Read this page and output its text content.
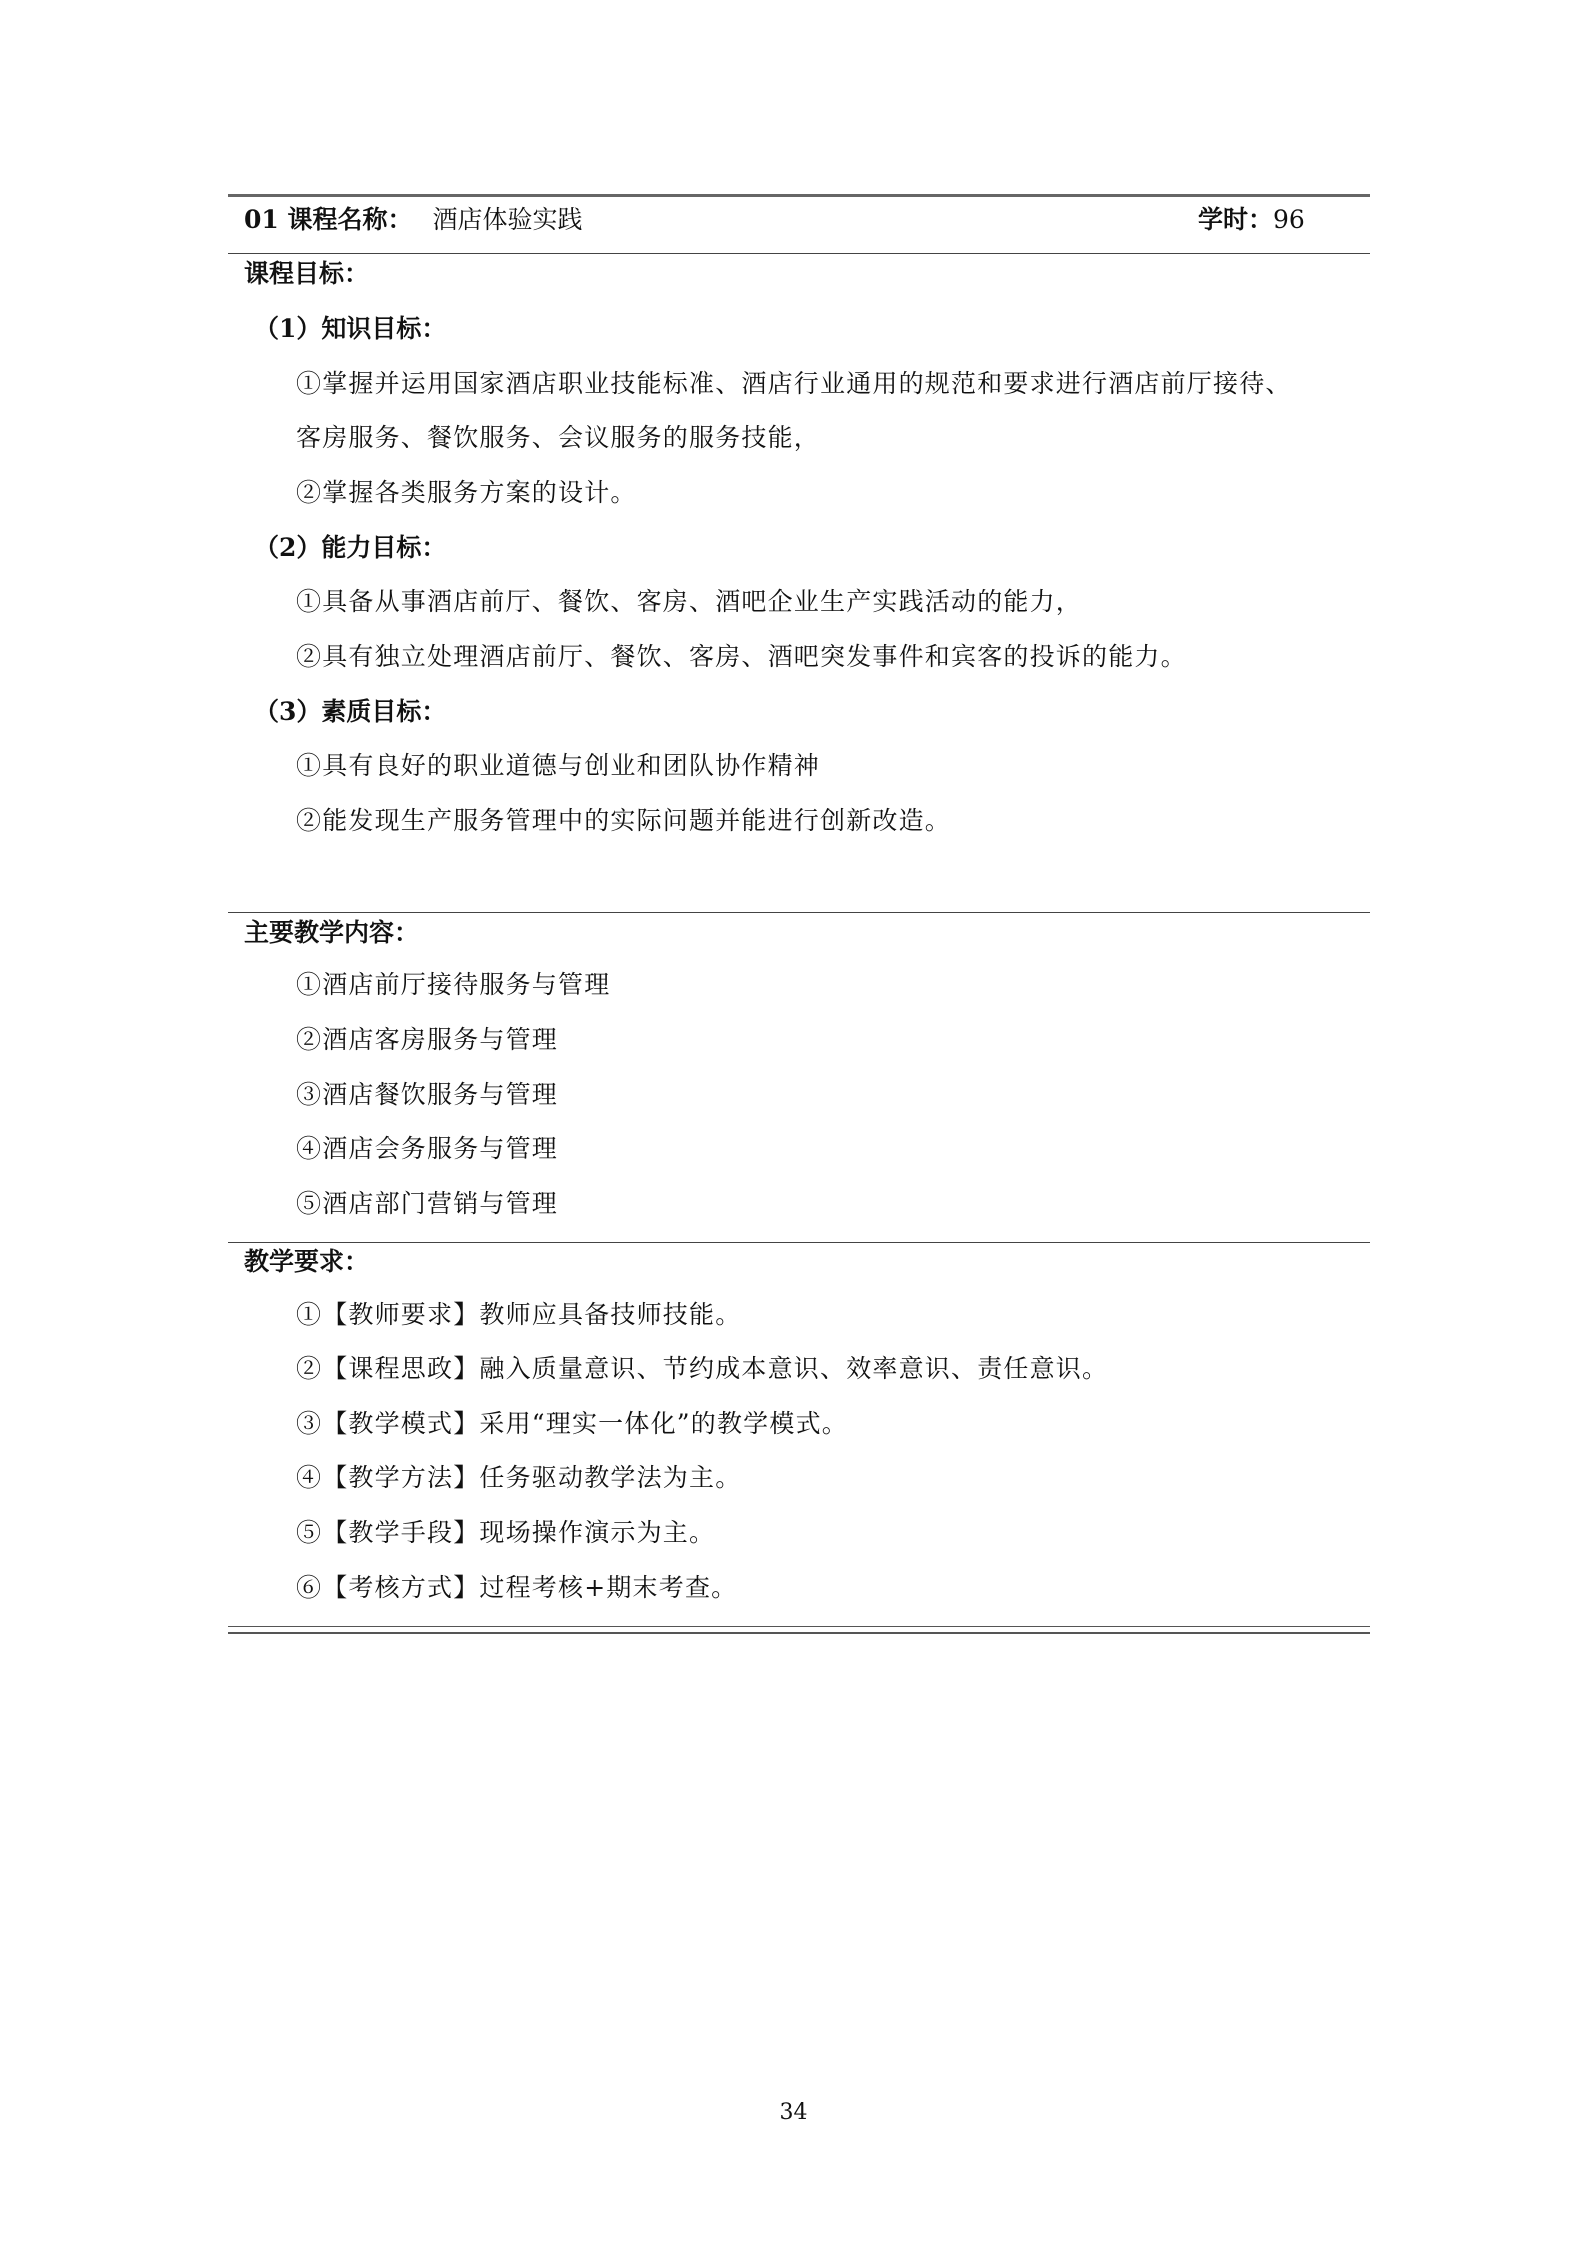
01 课程名称： 酒店体验实践	学时：96
课程目标：
（1）知识目标：
①掌握并运用国家酒店职业技能标准、酒店行业通用的规范和要求进行酒店前厅接待、
客房服务、餐饮服务、会议服务的服务技能，
②掌握各类服务方案的设计。
（2）能力目标：
①具备从事酒店前厅、餐饮、客房、酒吧企业生产实践活动的能力，
②具有独立处理酒店前厅、餐饮、客房、酒吧突发事件和宾客的投诉的能力。
（3）素质目标：
①具有良好的职业道德与创业和团队协作精神
②能发现生产服务管理中的实际问题并能进行创新改造。
主要教学内容：
①酒店前厅接待服务与管理
②酒店客房服务与管理
③酒店餐饮服务与管理
④酒店会务服务与管理
⑤酒店部门营销与管理
教学要求：
①【教师要求】教师应具备技师技能。
②【课程思政】融入质量意识、节约成本意识、效率意识、责任意识。
③【教学模式】采用“理实一体化”的教学模式。
④【教学方法】任务驱动教学法为主。
⑤【教学手段】现场操作演示为主。
⑥【考核方式】过程考核+期末考查。
34
